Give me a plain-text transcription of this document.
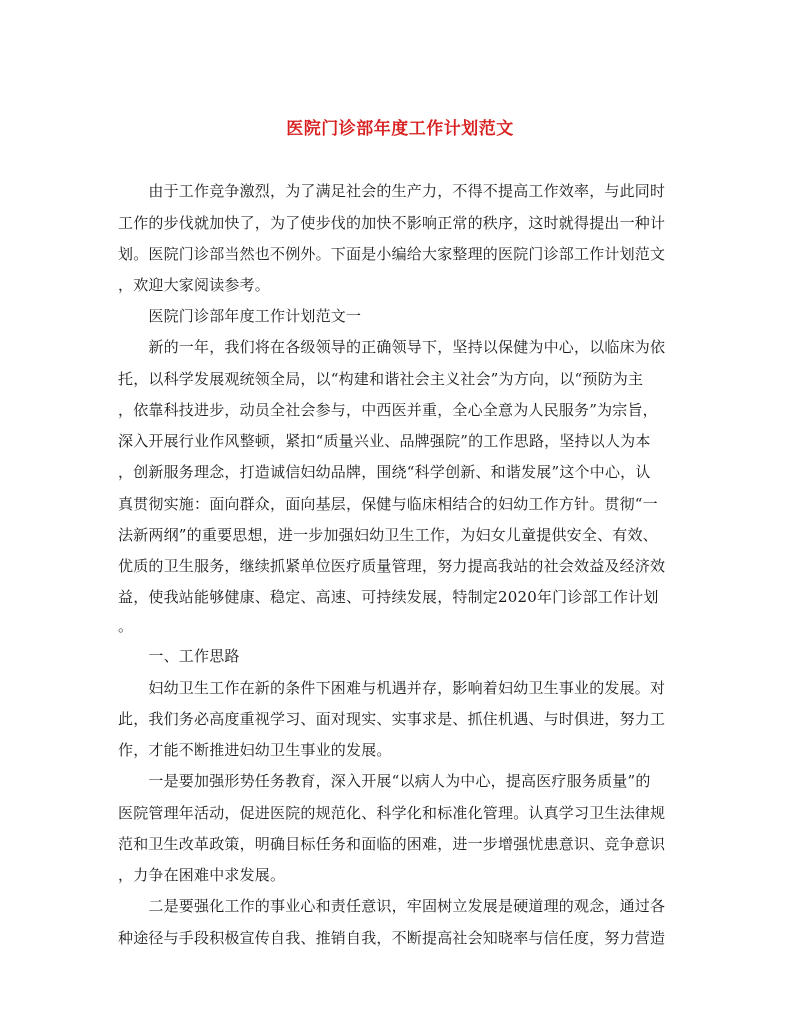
医院门诊部年度工作计划范文
　　由于工作竞争激烈，为了满足社会的生产力，不得不提高工作效率，与此同时
工作的步伐就加快了，为了使步伐的加快不影响正常的秩序，这时就得提出一种计
划。医院门诊部当然也不例外。下面是小编给大家整理的医院门诊部工作计划范文
，欢迎大家阅读参考。
　　医院门诊部年度工作计划范文一
　　新的一年，我们将在各级领导的正确领导下，坚持以保健为中心，以临床为依
托，以科学发展观统领全局，以“构建和谐社会主义社会”为方向，以“预防为主
，依靠科技进步，动员全社会参与，中西医并重，全心全意为人民服务”为宗旨，
深入开展行业作风整顿，紧扣“质量兴业、品牌强院”的工作思路，坚持以人为本
，创新服务理念，打造诚信妇幼品牌，围绕“科学创新、和谐发展”这个中心，认
真贯彻实施：面向群众，面向基层，保健与临床相结合的妇幼工作方针。贯彻“一
法新两纲”的重要思想，进一步加强妇幼卫生工作，为妇女儿童提供安全、有效、
优质的卫生服务，继续抓紧单位医疗质量管理，努力提高我站的社会效益及经济效
益，使我站能够健康、稳定、高速、可持续发展，特制定2020年门诊部工作计划
。
　　一、工作思路
　　妇幼卫生工作在新的条件下困难与机遇并存，影响着妇幼卫生事业的发展。对
此，我们务必高度重视学习、面对现实、实事求是、抓住机遇、与时俱进，努力工
作，才能不断推进妇幼卫生事业的发展。
　　一是要加强形势任务教育，深入开展“以病人为中心，提高医疗服务质量”的
医院管理年活动，促进医院的规范化、科学化和标准化管理。认真学习卫生法律规
范和卫生改革政策，明确目标任务和面临的困难，进一步增强忧患意识、竞争意识
，力争在困难中求发展。
　　二是要强化工作的事业心和责任意识，牢固树立发展是硬道理的观念，通过各
种途径与手段积极宣传自我、推销自我，不断提高社会知晓率与信任度，努力营造
